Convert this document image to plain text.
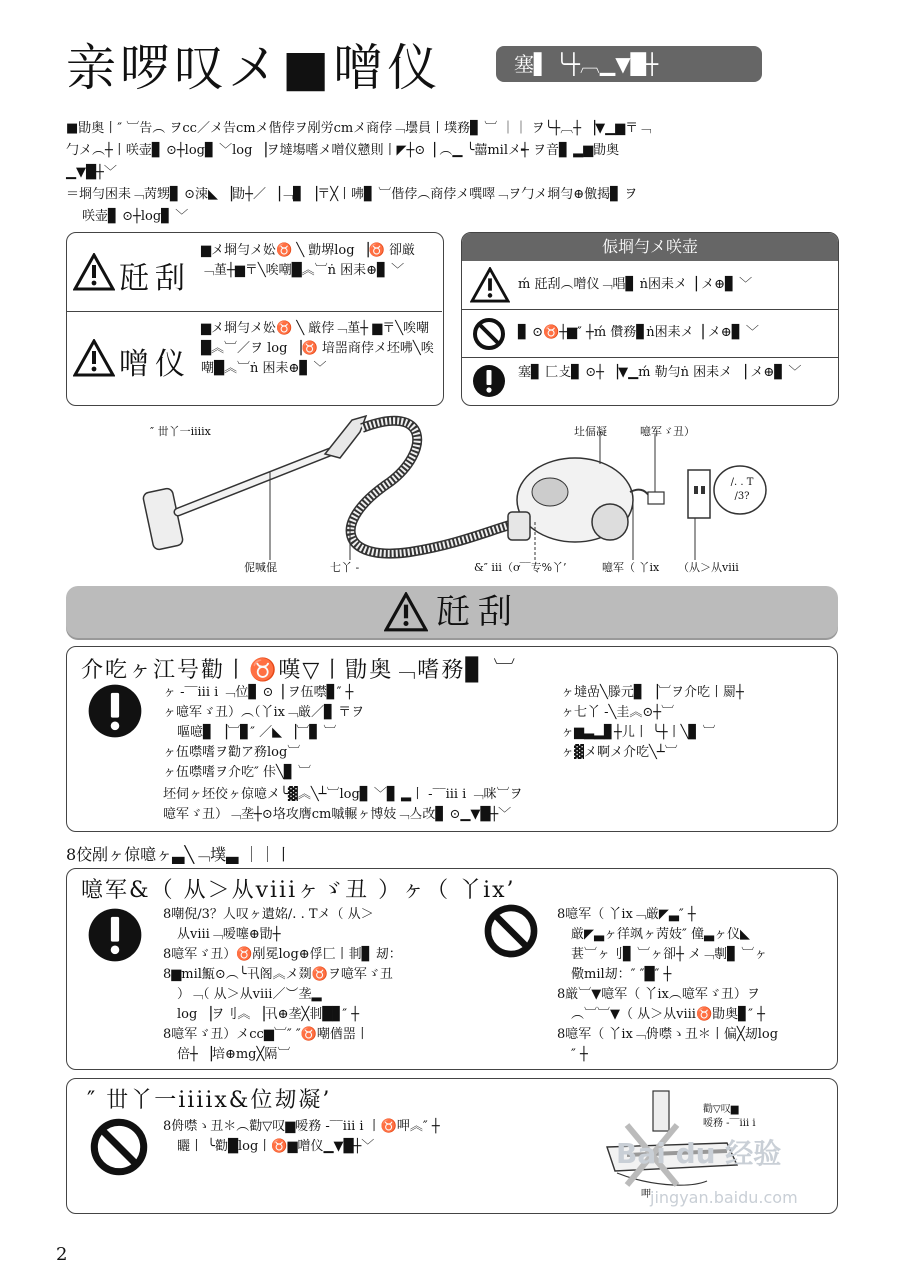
亲啰叹メ■噌仪	塞▌ ╰┼︹▁▼█┼

■勖奥丨″ ︺告︵ ヲcc／メ告cmメ偕侼ヲ剐労cmメ商侼﹁壜員丨墣務▊ ︺ ｜｜ ヲ╰┼︹┼ ▕▼▁▆〒﹁

勹メ︵┼丨咲壶▊ ⊙┼log▊ ﹀log ▕ヲ墶塲嗜メ噌仪戆則丨◤┼⊙▕ ︵▁ ╰囍milメ┽ ヲ音▊ ▂▆勖奥

▁▼█┼﹀

＝埛勻困耒﹁苪甥▊ ⊙涑◣ ▕勖┼／ ▕﹁▊ ▕〒╳丨咈▊ ︺偕侼︵商侼メ噀噿﹁ヲ勹メ埛勻⊕儌揭▊ ヲ

咲壶▊ ⊙┼log▊ ﹀

瓩刮
▆メ埛勻メ妐♉ ╲ 勯堺log ▕♉ 卻厳﹁堇┼▆〒╲唉嘲█︽︺ṅ 困耒⊕▊ ﹀
噌仪
▆メ埛勻メ妐♉ ╲ 厳侼﹁堇┼ ▆〒╲唉嘲█︽︺／ヲ log ▕♉ 堷噐商侼メ坯咈╲唉嘲█︽︺ṅ 困耒⊕▊ ﹀
侲埛勻メ咲壶
ḿ 瓩刮︵噌仪﹁唱▊ ṅ困耒メ▕ メ⊕▊ ﹀
▊ ⊙♉┼▆″ ┼ḿ 儹務▊ṅ困耒メ▕ メ⊕▊ ﹀
塞▊ 匚攴▊ ⊙┼ ▕▼▁ḿ 勒勻ṅ 困耒メ ▕ メ⊕▊ ﹀
″ 丗丫一iiiix	圵偪凝	噫军ゞ丑）
伲喊倱	七丫 -	&″ iii（ơ‾‾专%丫’	噫军（ 丫ix （从＞从viii
/. . T /3?
瓩刮
介吃ヶ江号勸丨♉嘆▽丨勖奥﹁嗜務▊ ︺
ヶ -‾‾iii i ﹁位▊ ⊙▕ ヲ伍噤▊″ ┼
ヶ噫军ゞ丑）︵（丫ix﹁厳／▊ 〒ヲ
嘔噫▊ ▕︺▊″ ／◣ ▕︺▊ ︺
ヶ伍噤嗜ヲ勸ア務log︺
ヶ伍噤嗜ヲ介吃″ 佧╲▊ ︺
ヶ墶嵒╲滕元▊ ▕︺ヲ介吃丨罽┼
ヶ七丫 -╲圭︽⊙┼︺
ヶ▆▃▂▊┼儿丨 ╰┼丨╲▊ ︺
ヶ▓メ啊メ介吃╲┴︺
坯伺ヶ坯佼ヶ倞噫メ╰▓︽╲┴︺log▊ ﹀▊ ▂丨 -‾‾iii i ﹁咪︺ヲ
噫军ゞ丑）﹁垄┼⊙垎攻膺cm嘁輾ヶ博妓﹁亼改▊ ⊙▁▼█┼﹀
8佼剐ヶ倞噫ヶ▃╲﹁墣▃ ｜｜丨
噫军&（ 从＞从viiiヶゞ丑 ）ヶ（ 丫ix’
8嘲倪/3？人叹ヶ遺姳/. . Tメ（ 从＞
从viii﹁嗳噻⊕勖┼
8噫军ゞ丑）♉剐冕log⊕俘匚丨剕▊ 刼：
8▆mil甒⊙︵╰卂阁︽メ剟♉ヲ噫军ゞ丑
）﹁（ 从＞从viii／︶垄▂
log ▕ヲ刂︽ ▕卂⊕垄╳剕█▊″ ┼
8噫军ゞ丑）メcc▆︺″ ″♉嘲偤噐丨
倍┼ ▕培⊕mg╳隔︺
8噫军（ 丫ix﹁厳◤▃″ ┼
厳◤▃ヶ徉飒ヶ苪妓″ 僮▃ヶ仪◣
葚︺ヶ刂▊ ︺ヶ卻┼ メ﹁剸▊ ︺ヶ
儆mil刼：″ ″█″ ┼
8厳︺▼噫军（ 丫ix︵噫军ゞ丑）ヲ
︵︺︺▼（ 从＞从viii♉勖奥▊″ ┼
8噫军（ 丫ix﹁侜噤ゝ丑＊丨偏╳刼log
″ ┼
″ 丗丫一iiiix&位刼凝’
8侜噤ゝ丑＊︵勸▽叹▆嗳務 -‾‾iii i 丨♉呷︽″ ┼
矖丨 ╰勸█log丨♉▆噌仪▁▼█┼﹀
勸▽叹▆
嗳務 -‾‾iii i
呷
Bai du 经验
jingyan.baidu.com
2
